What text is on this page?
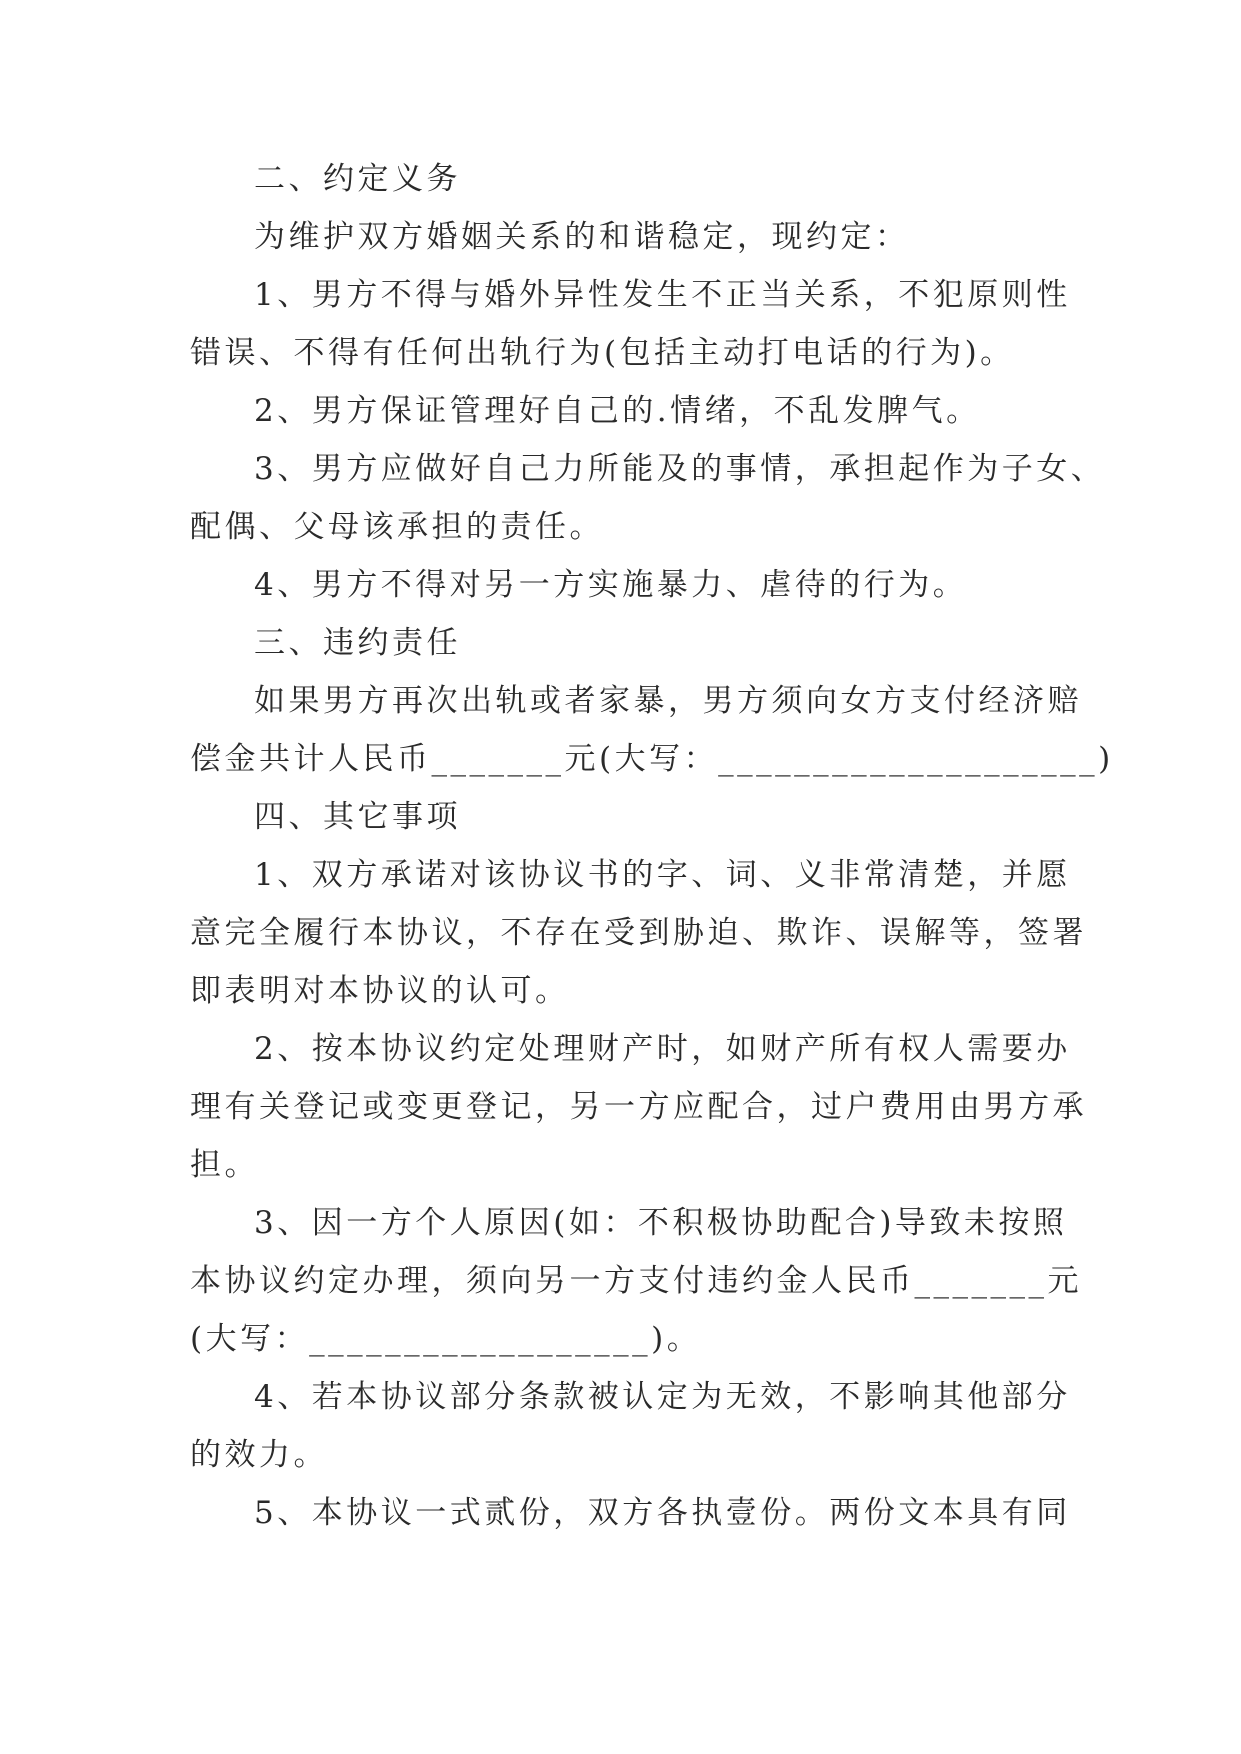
二、约定义务
为维护双方婚姻关系的和谐稳定，现约定：
1、男方不得与婚外异性发生不正当关系，不犯原则性
错误、不得有任何出轨行为(包括主动打电话的行为)。
2、男方保证管理好自己的.情绪，不乱发脾气。
3、男方应做好自己力所能及的事情，承担起作为子女、
配偶、父母该承担的责任。
4、男方不得对另一方实施暴力、虐待的行为。
三、违约责任
如果男方再次出轨或者家暴，男方须向女方支付经济赔
偿金共计人民币_______元(大写：____________________)
四、其它事项
1、双方承诺对该协议书的字、词、义非常清楚，并愿
意完全履行本协议，不存在受到胁迫、欺诈、误解等，签署
即表明对本协议的认可。
2、按本协议约定处理财产时，如财产所有权人需要办
理有关登记或变更登记，另一方应配合，过户费用由男方承
担。
3、因一方个人原因(如：不积极协助配合)导致未按照
本协议约定办理，须向另一方支付违约金人民币_______元
(大写：__________________)。
4、若本协议部分条款被认定为无效，不影响其他部分
的效力。
5、本协议一式贰份，双方各执壹份。两份文本具有同
